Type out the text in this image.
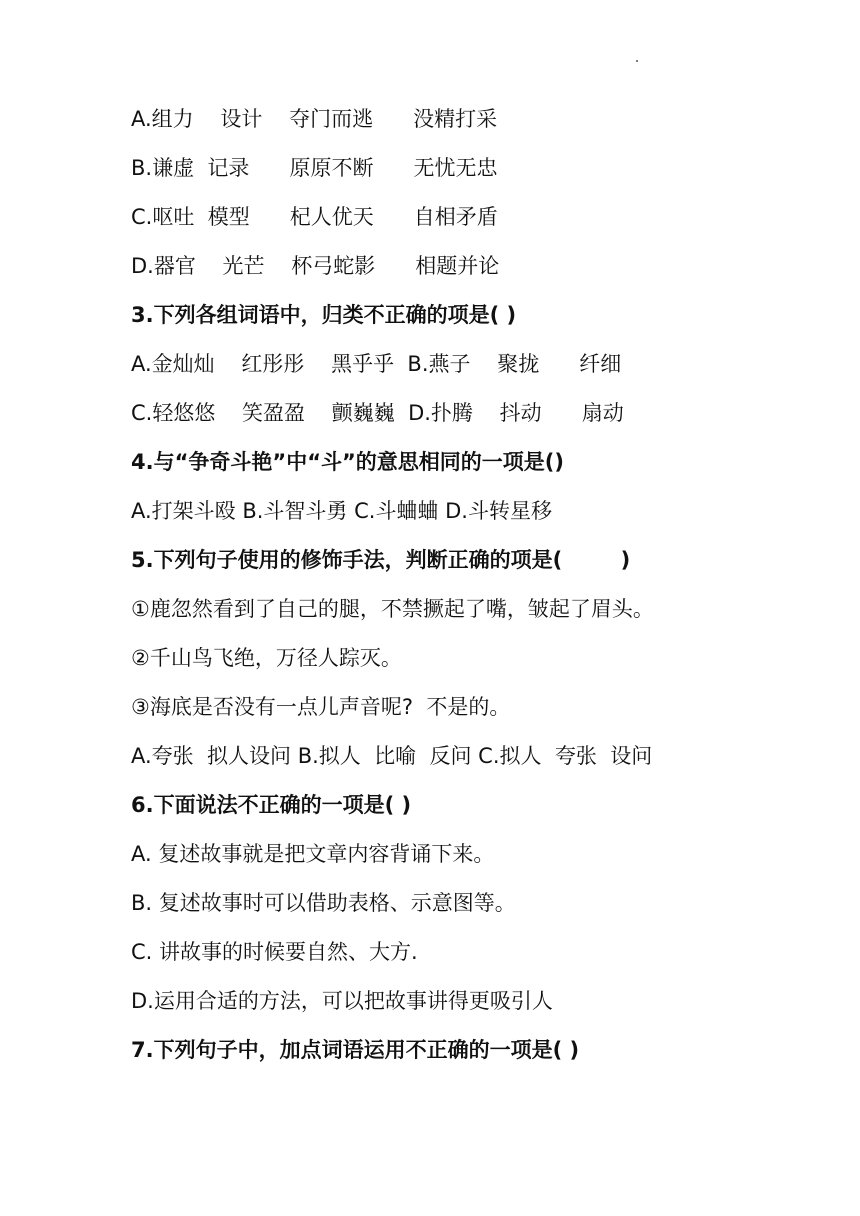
A.组力    设计    夺门而逃      没精打采
B.谦虚  记录      原原不断      无忧无忠
C.呕吐  模型      杞人优天      自相矛盾
D.器官    光芒    杯弓蛇影      相题并论
3.下列各组词语中，归类不正确的项是( )
A.金灿灿    红彤彤    黑乎乎  B.燕子    聚拢      纤细
C.轻悠悠    笑盈盈    颤巍巍  D.扑腾    抖动      扇动
4.与“争奇斗艳”中“斗”的意思相同的一项是()
A.打架斗殴 B.斗智斗勇 C.斗蛐蛐 D.斗转星移
5.下列句子使用的修饰手法，判断正确的项是(        )
①鹿忽然看到了自己的腿，不禁撅起了嘴，皱起了眉头。
②千山鸟飞绝，万径人踪灭。
③海底是否没有一点儿声音呢?  不是的。
A.夸张  拟人设问 B.拟人  比喻  反问 C.拟人  夸张  设问
6.下面说法不正确的一项是( )
A. 复述故事就是把文章内容背诵下来。
B. 复述故事时可以借助表格、示意图等。
C. 讲故事的时候要自然、大方.
D.运用合适的方法，可以把故事讲得更吸引人
7.下列句子中，加点词语运用不正确的一项是( )
